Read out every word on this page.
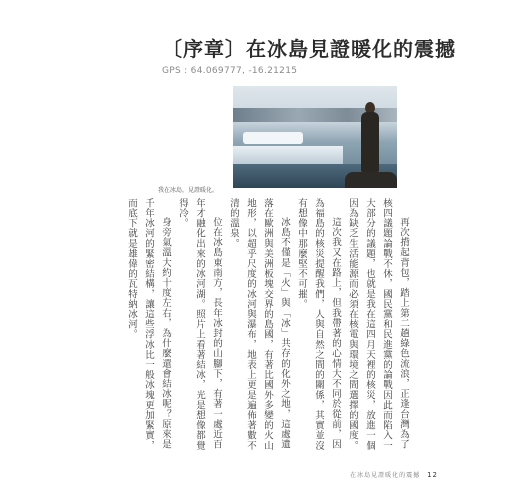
〔序章〕在冰島見證暖化的震撼
GPS : 64.069777, -16.21215
我在冰島，見證暖化。

再次揹起背包，踏上第二趟綠色流浪，正逢台灣為了核四議題論戰不休，國民黨和民進黨的論戰因此而陷入一大部分的議題，也就是我在這四月天裡的核災，放進一個因為缺乏生活能源而必須在核電與環境之間選擇的國度。

這次我又在路上，但我帶著的心情大不同於從前，因為福島的核災提醒我們，人與自然之間的關係，其實並沒有想像中那麼堅不可摧。

冰島不僅是「火」與「冰」共存的化外之地，這處遺落在歐洲與美洲板塊交界的島國，有著比國外多變的火山地形，以超乎尺度的冰河與瀑布，地表上更是遍佈著數不清的溫泉。

位在冰島東南方，長年冰封的山腳下，有著一處近百年才融化出來的冰河湖。照片上看著結冰，光是想像都覺得冷。

身旁氣溫大約十度左右，為什麼還會結冰呢？原來是千年冰河的緊密結構，讓這些浮冰比一般冰塊更加緊實，而底下就是雄偉的瓦特納冰河。

在冰島見證暖化的震撼 12
